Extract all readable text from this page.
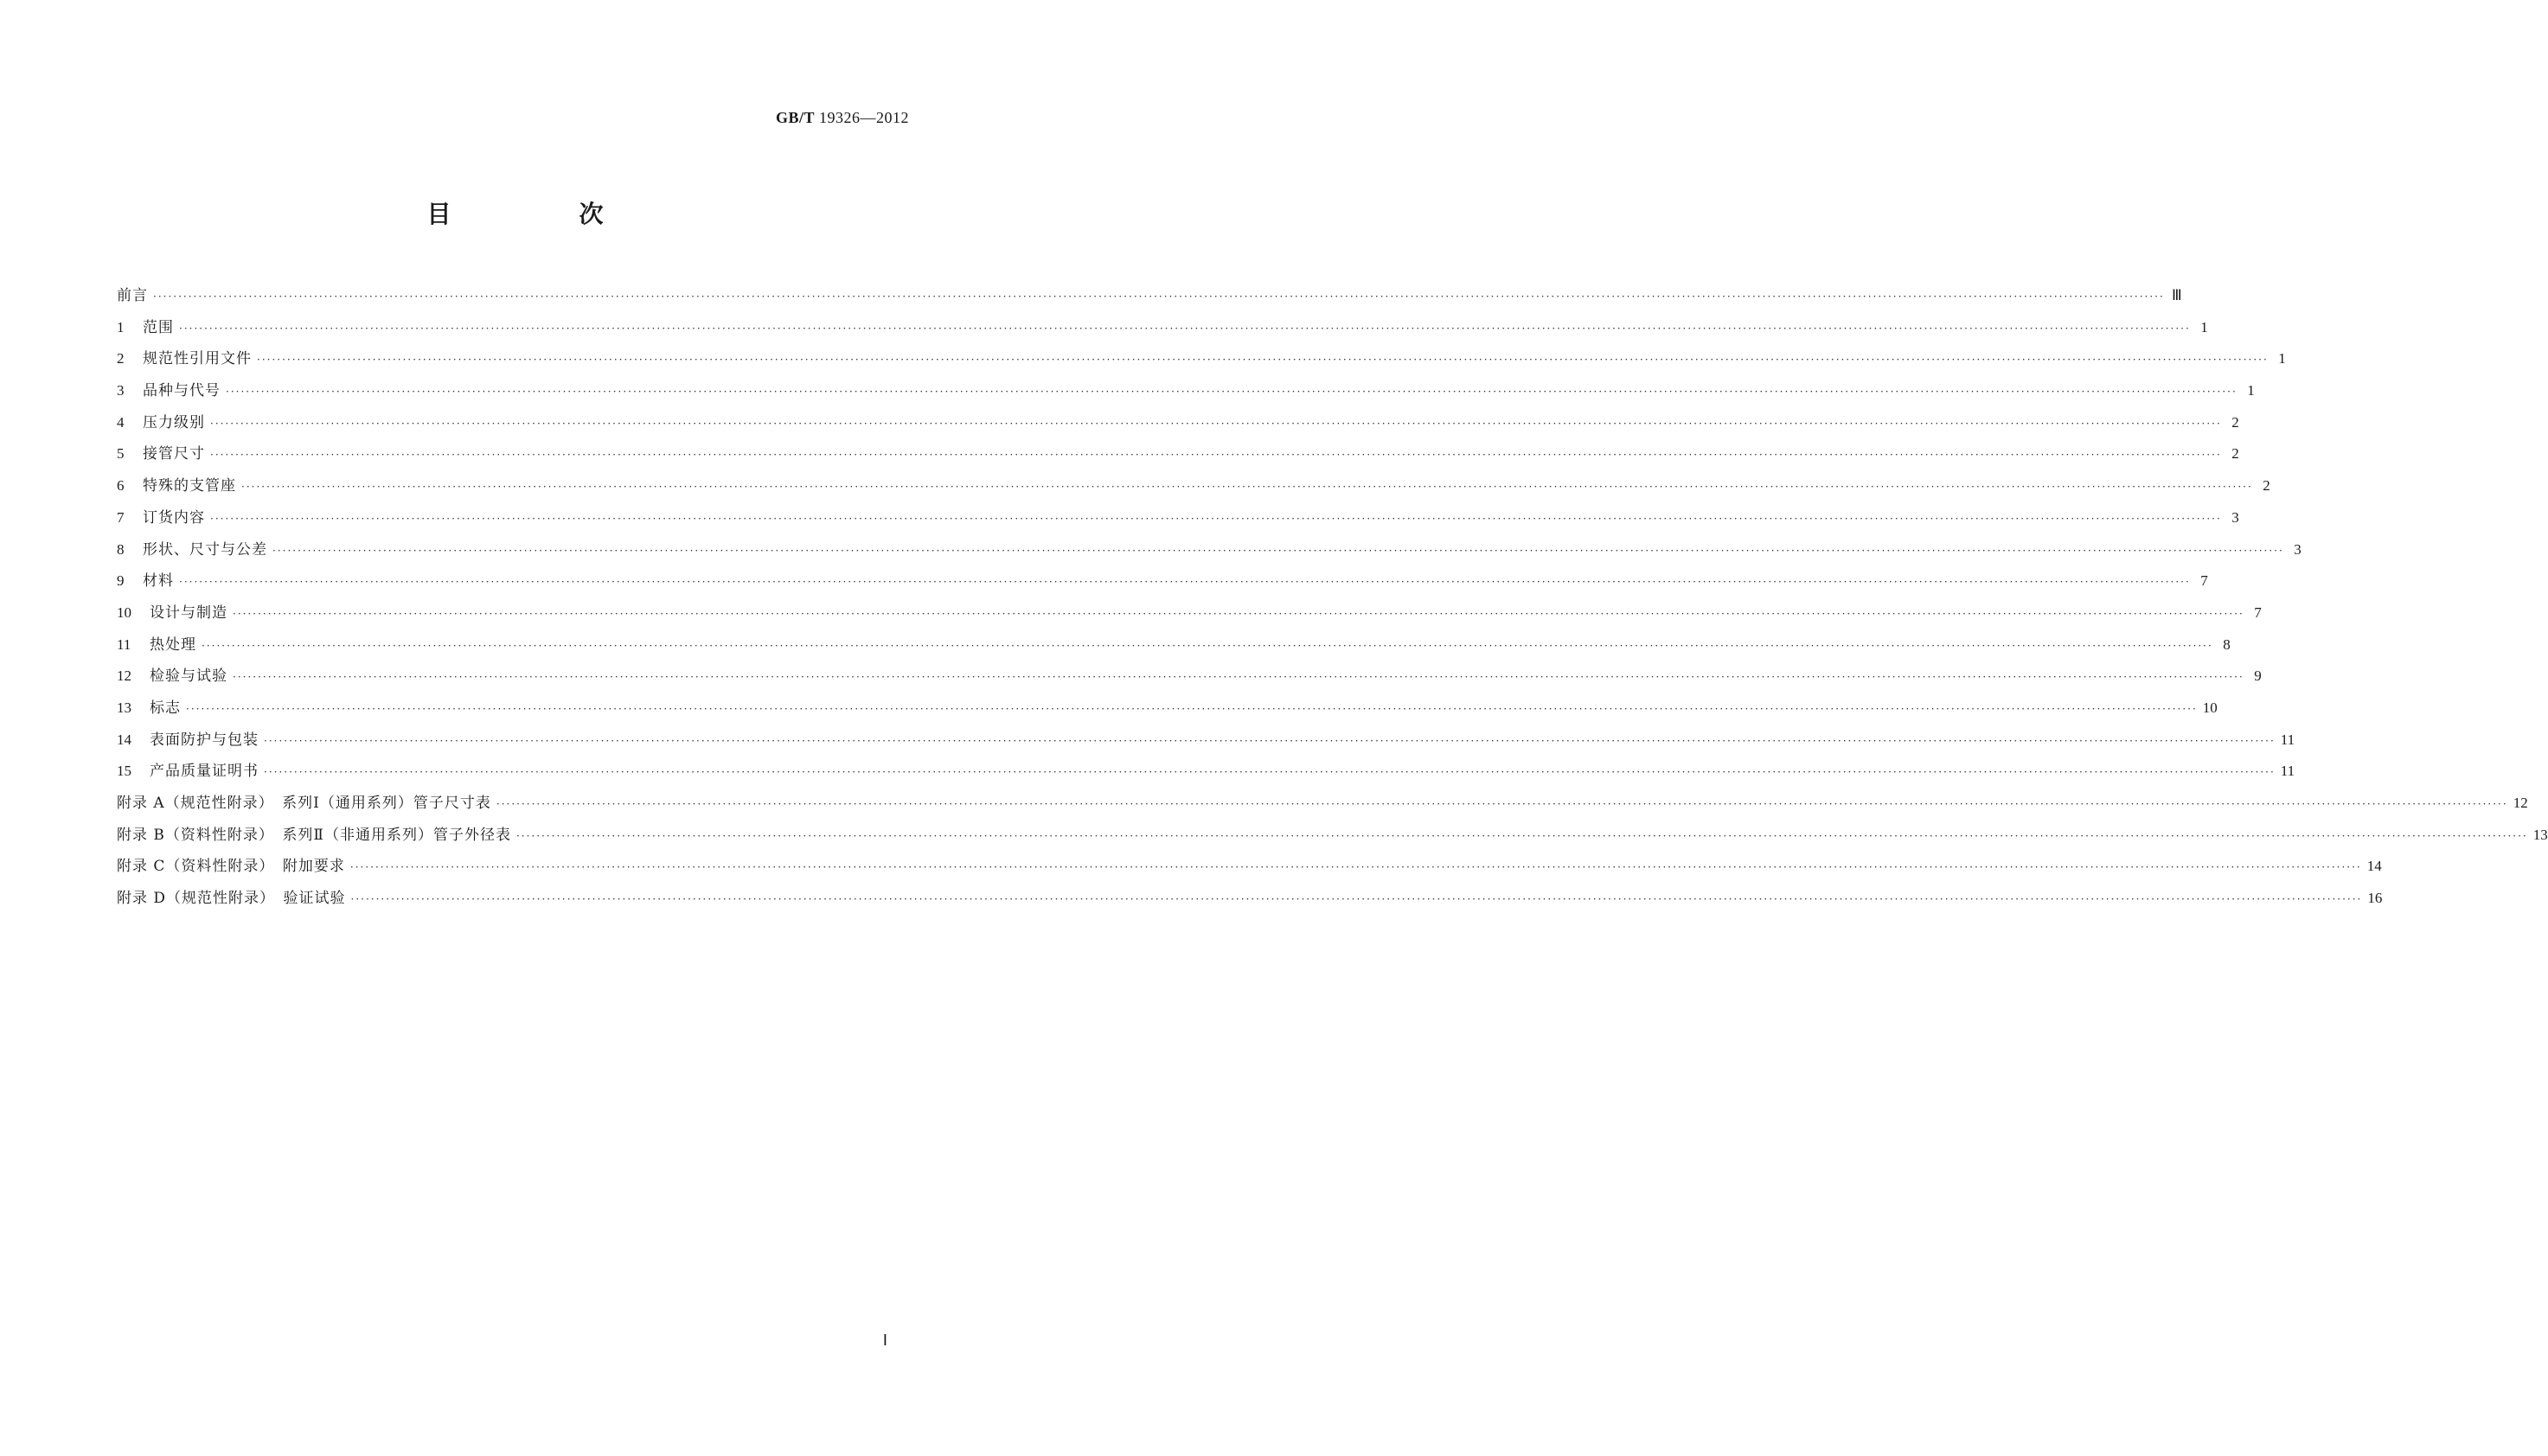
GB/T 19326—2012
目　次
前言 ················································································································································································································································································································································································································ Ⅲ
1	范围 ················································································································································································································································································································································································································ 1
2	规范性引用文件 ················································································································································································································································································································································································································ 1
3	品种与代号 ················································································································································································································································································································································································································ 1
4	压力级别 ················································································································································································································································································································································································································ 2
5	接管尺寸 ················································································································································································································································································································································································································ 2
6	特殊的支管座 ················································································································································································································································································································································································································ 2
7	订货内容 ················································································································································································································································································································································································································ 3
8	形状、尺寸与公差 ················································································································································································································································································································································································································ 3
9	材料 ················································································································································································································································································································································································································ 7
10	设计与制造 ················································································································································································································································································································································································································ 7
11	热处理 ················································································································································································································································································································································································································ 8
12	检验与试验 ················································································································································································································································································································································································································ 9
13	标志 ················································································································································································································································································································································································································ 10
14	表面防护与包装 ················································································································································································································································································································································································································ 11
15	产品质量证明书 ················································································································································································································································································································································································································ 11
附录 A（规范性附录）　系列Ⅰ（通用系列）管子尺寸表 ················································································································································································································································································································································································································ 12
附录 B（资料性附录）　系列Ⅱ（非通用系列）管子外径表 ················································································································································································································································································································································································································ 13
附录 C（资料性附录）　附加要求 ················································································································································································································································································································································································································ 14
附录 D（规范性附录）　验证试验 ················································································································································································································································································································································································································ 16
Ⅰ
